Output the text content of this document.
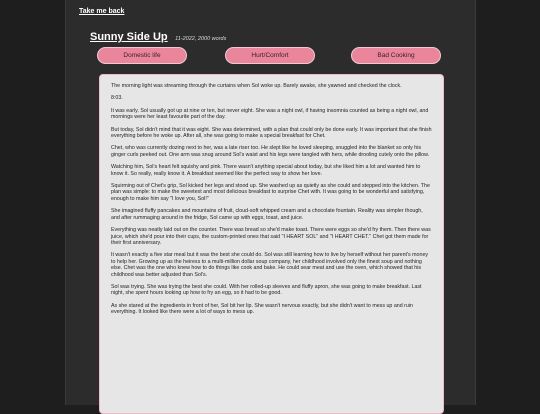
Take me back
Sunny Side Up 11-2022, 2000 words
Domestic life	Hurt/Comfort	Bad Cooking

The morning light was streaming through the curtains when Sol woke up. Barely awake, she yawned and checked the clock.

8:03.

It was early. Sol usually got up at nine or ten, but never eight. She was a night owl, if having insomnia counted as being a night owl, and mornings were her least favourite part of the day.

But today, Sol didn't mind that it was eight. She was determined, with a plan that could only be done early. It was important that she finish everything before he woke up. After all, she was going to make a special breakfast for Chet.

Chet, who was currently dozing next to her, was a late riser too. He slept like he loved sleeping, snuggled into the blanket so only his ginger curls peeked out. One arm was snug around Sol's waist and his legs were tangled with hers, while drooling cutely onto the pillow.

Watching him, Sol's heart felt squishy and pink. There wasn't anything special about today, but she liked him a lot and wanted him to know it. So really, really know it. A breakfast seemed like the perfect way to show her love.

Squirming out of Chet's grip, Sol kicked her legs and stood up. She washed up as quietly as she could and stepped into the kitchen. The plan was simple: to make the sweetest and most delicious breakfast to surprise Chet with. It was going to be wonderful and satisfying, enough to make him say "I love you, Sol!"

She imagined fluffy pancakes and mountains of fruit, cloud-soft whipped cream and a chocolate fountain. Reality was simpler though, and after rummaging around in the fridge, Sol came up with eggs, toast, and juice.

Everything was neatly laid out on the counter. There was bread so she'd make toast. There were eggs so she'd fry them. Then there was juice, which she'd pour into their cups, the custom-printed ones that said "I HEART SOL" and "I HEART CHET." Chet got them made for their first anniversary.

It wasn't exactly a five star meal but it was the best she could do. Sol was still learning how to live by herself without her parent's money to help her. Growing up as the heiress to a multi-million dollar soup company, her childhood involved only the finest soup and nothing else. Chet was the one who knew how to do things like cook and bake. He could sear meat and use the oven, which showed that his childhood was better adjusted than Sol's.

Sol was trying. She was trying the best she could. With her rolled-up sleeves and fluffy apron, she was going to make breakfast. Last night, she spent hours looking up how to fry an egg, so it had to be good.

As she stared at the ingredients in front of her, Sol bit her lip. She wasn't nervous exactly, but she didn't want to mess up and ruin everything. It looked like there were a lot of ways to mess up.
